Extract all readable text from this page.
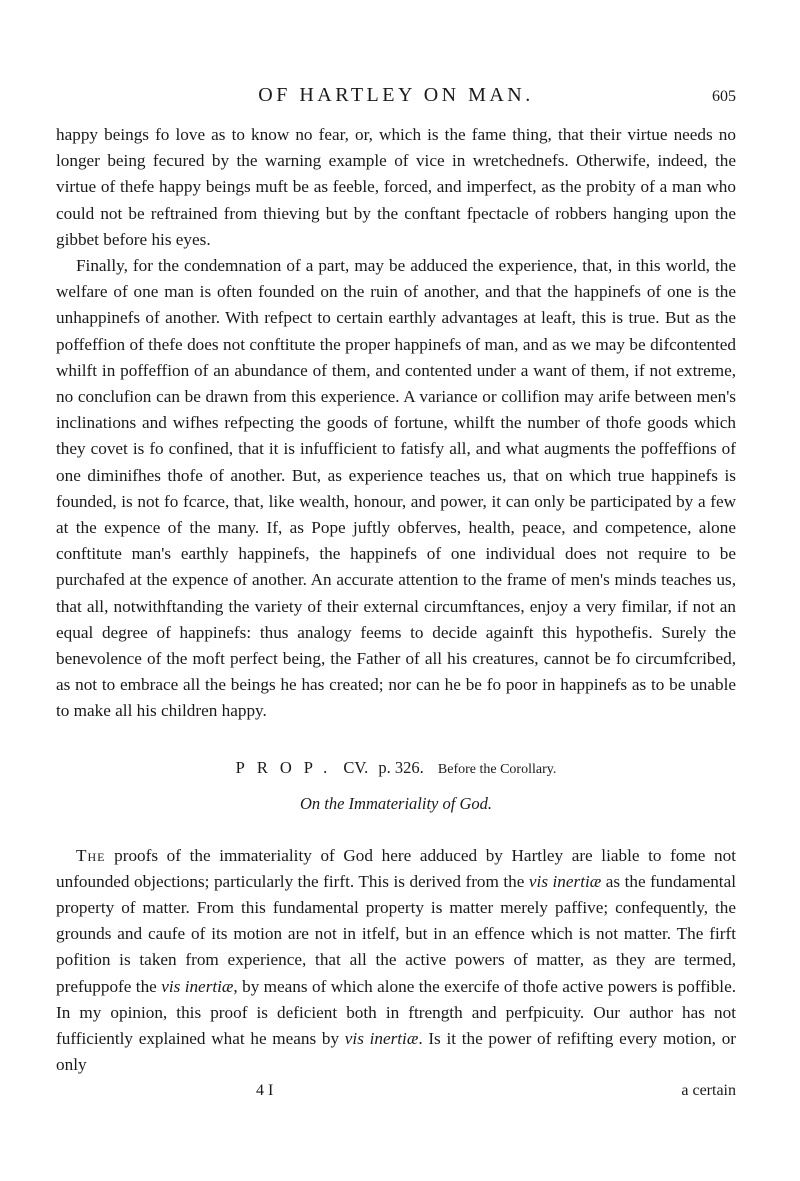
OF HARTLEY ON MAN.	605

happy beings fo love as to know no fear, or, which is the fame thing, that their virtue needs no longer being fecured by the warning example of vice in wretchednefs. Otherwife, indeed, the virtue of thefe happy beings muft be as feeble, forced, and imperfect, as the probity of a man who could not be reftrained from thieving but by the conftant fpectacle of robbers hanging upon the gibbet before his eyes.

Finally, for the condemnation of a part, may be adduced the experience, that, in this world, the welfare of one man is often founded on the ruin of another, and that the happinefs of one is the unhappinefs of another. With refpect to certain earthly advantages at leaft, this is true. But as the poffeffion of thefe does not conftitute the proper happinefs of man, and as we may be difcontented whilft in poffeffion of an abundance of them, and contented under a want of them, if not extreme, no conclufion can be drawn from this experience. A variance or collifion may arife between men's inclinations and wifhes refpecting the goods of fortune, whilft the number of thofe goods which they covet is fo confined, that it is infufficient to fatisfy all, and what augments the poffeffions of one diminifhes thofe of another. But, as experience teaches us, that on which true happinefs is founded, is not fo fcarce, that, like wealth, honour, and power, it can only be participated by a few at the expence of the many. If, as Pope juftly obferves, health, peace, and competence, alone conftitute man's earthly happinefs, the happinefs of one individual does not require to be purchafed at the expence of another. An accurate attention to the frame of men's minds teaches us, that all, notwithftanding the variety of their external circumftances, enjoy a very fimilar, if not an equal degree of happinefs: thus analogy feems to decide againft this hypothefis. Surely the benevolence of the moft perfect being, the Father of all his creatures, cannot be fo circumfcribed, as not to embrace all the beings he has created; nor can he be fo poor in happinefs as to be unable to make all his children happy.

PROP. CV. p. 326. Before the Corollary.
On the Immateriality of God.

The proofs of the immateriality of God here adduced by Hartley are liable to fome not unfounded objections; particularly the firft. This is derived from the vis inertiæ as the fundamental property of matter. From this fundamental property is matter merely paffive; confequently, the grounds and caufe of its motion are not in itfelf, but in an effence which is not matter. The firft pofition is taken from experience, that all the active powers of matter, as they are termed, prefuppofe the vis inertiæ, by means of which alone the exercife of thofe active powers is poffible. In my opinion, this proof is deficient both in ftrength and perfpicuity. Our author has not fufficiently explained what he means by vis inertiæ. Is it the power of refifting every motion, or only

4 I	a certain
